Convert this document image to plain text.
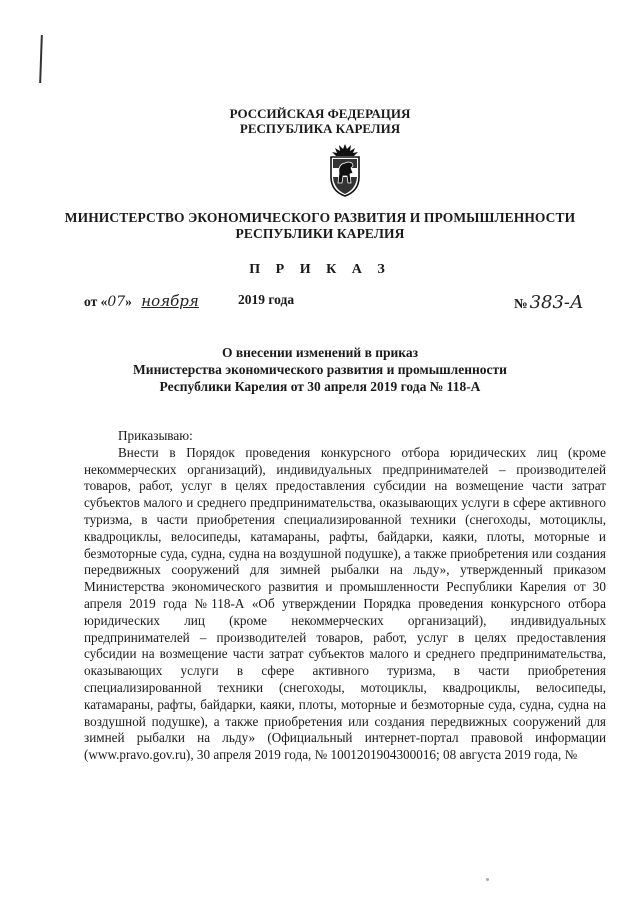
РОССИЙСКАЯ ФЕДЕРАЦИЯ
РЕСПУБЛИКА КАРЕЛИЯ
МИНИСТЕРСТВО ЭКОНОМИЧЕСКОГО РАЗВИТИЯ И ПРОМЫШЛЕННОСТИ
РЕСПУБЛИКИ КАРЕЛИЯ
П Р И К А З
от «07» ноября	2019 года	№ 383-А
О внесении изменений в приказ
Министерства экономического развития и промышленности
Республики Карелия от 30 апреля 2019 года № 118-А

Приказываю:

Внести в Порядок проведения конкурсного отбора юридических лиц (кроме некоммерческих организаций), индивидуальных предпринимателей – производителей товаров, работ, услуг в целях предоставления субсидии на возмещение части затрат субъектов малого и среднего предпринимательства, оказывающих услуги в сфере активного туризма, в части приобретения специализированной техники (снегоходы, мотоциклы, квадроциклы, велосипеды, катамараны, рафты, байдарки, каяки, плоты, моторные и безмоторные суда, судна, судна на воздушной подушке), а также приобретения или создания передвижных сооружений для зимней рыбалки на льду», утвержденный приказом Министерства экономического развития и промышленности Республики Карелия от 30 апреля 2019 года №118-А «Об утверждении Порядка проведения конкурсного отбора юридических лиц (кроме некоммерческих организаций), индивидуальных предпринимателей – производителей товаров, работ, услуг в целях предоставления субсидии на возмещение части затрат субъектов малого и среднего предпринимательства, оказывающих услуги в сфере активного туризма, в части приобретения специализированной техники (снегоходы, мотоциклы, квадроциклы, велосипеды, катамараны, рафты, байдарки, каяки, плоты, моторные и безмоторные суда, судна, судна на воздушной подушке), а также приобретения или создания передвижных сооружений для зимней рыбалки на льду» (Официальный интернет-портал правовой информации (www.pravo.gov.ru), 30 апреля 2019 года, № 1001201904300016; 08 августа 2019 года, №
